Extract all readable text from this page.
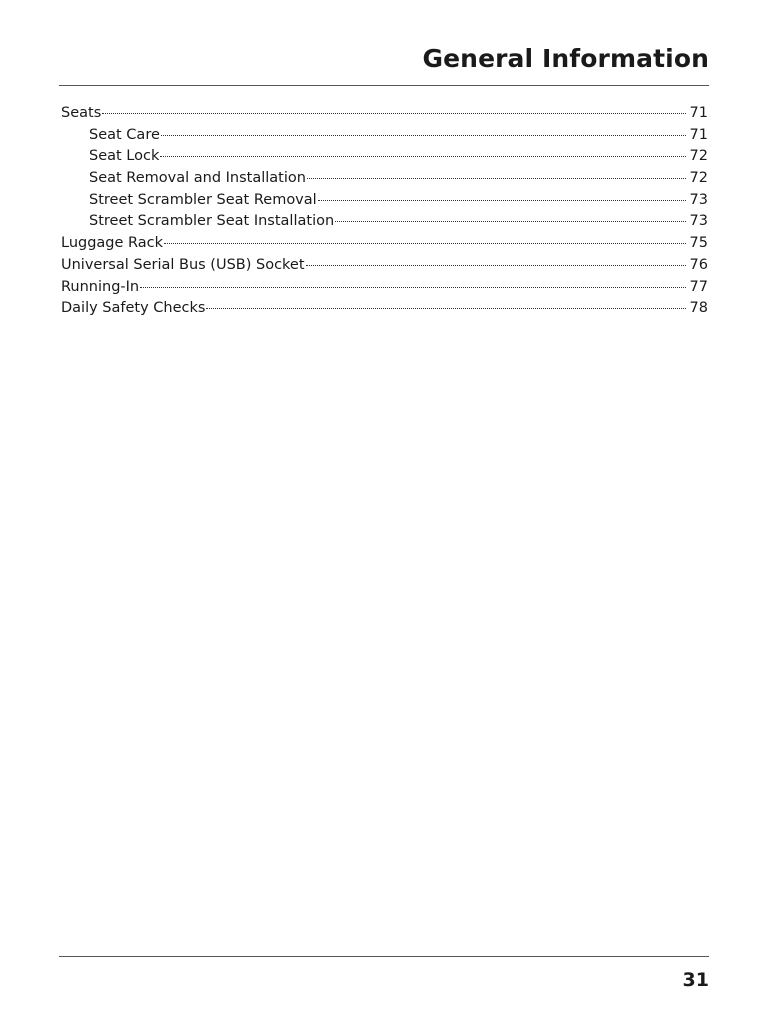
General Information
Seats	71
Seat Care	71
Seat Lock	72
Seat Removal and Installation	72
Street Scrambler Seat Removal	73
Street Scrambler Seat Installation	73
Luggage Rack	75
Universal Serial Bus (USB) Socket	76
Running-In	77
Daily Safety Checks	78
31
